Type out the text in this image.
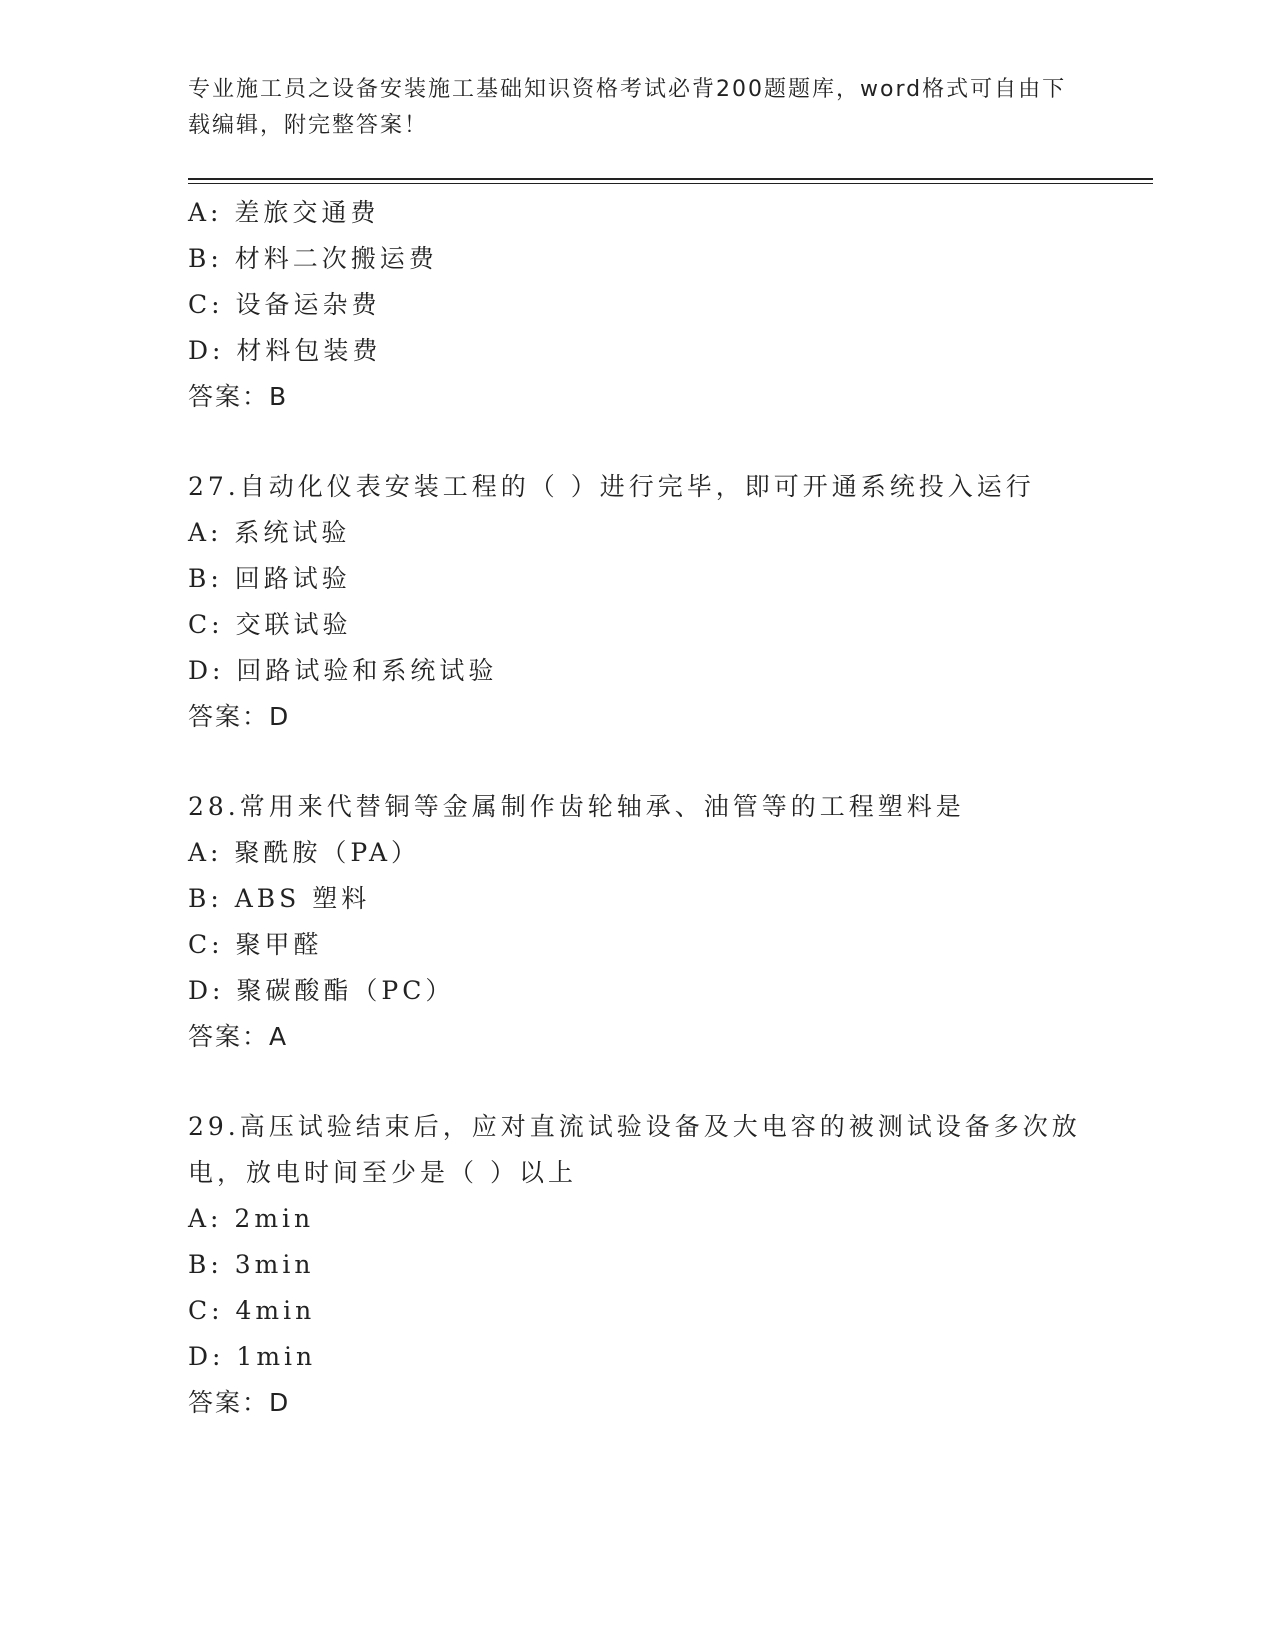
专业施工员之设备安装施工基础知识资格考试必背200题题库，word格式可自由下载编辑，附完整答案！
A: 差旅交通费
B: 材料二次搬运费
C: 设备运杂费
D: 材料包装费
答案：B
27.自动化仪表安装工程的（ ）进行完毕，即可开通系统投入运行
A: 系统试验
B: 回路试验
C: 交联试验
D: 回路试验和系统试验
答案：D
28.常用来代替铜等金属制作齿轮轴承、油管等的工程塑料是
A: 聚酰胺（PA）
B: ABS 塑料
C: 聚甲醛
D: 聚碳酸酯（PC）
答案：A
29.高压试验结束后，应对直流试验设备及大电容的被测试设备多次放电，放电时间至少是（ ）以上
A: 2min
B: 3min
C: 4min
D: 1min
答案：D
